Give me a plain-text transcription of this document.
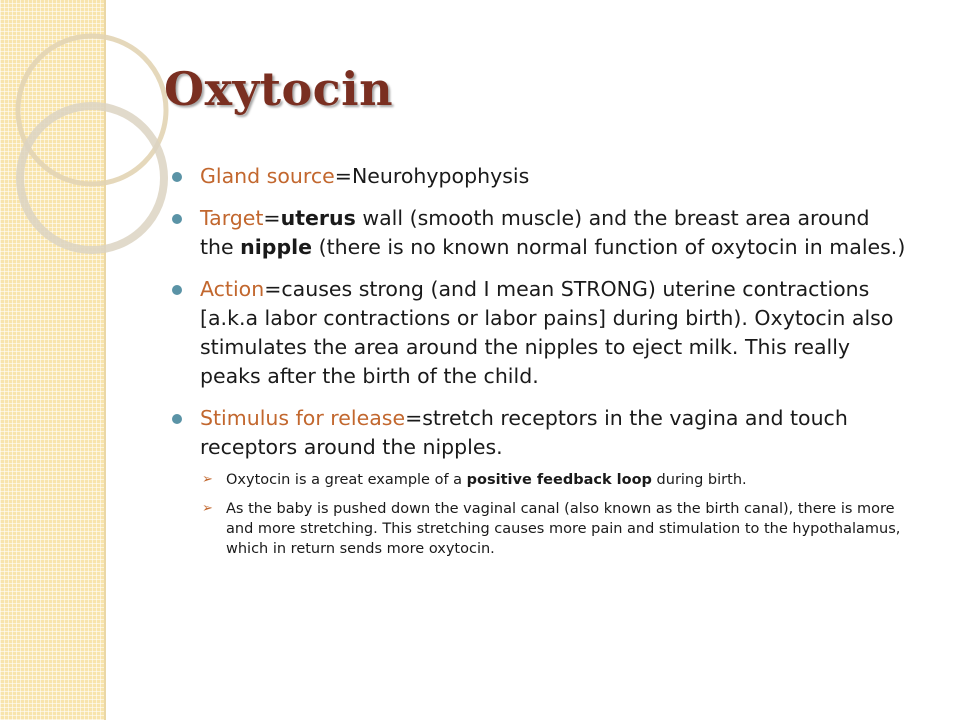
Oxytocin
Gland source=Neurohypophysis
Target=uterus wall (smooth muscle) and the breast area around the nipple (there is no known normal function of oxytocin in males.)
Action=causes strong (and I mean STRONG) uterine contractions [a.k.a labor contractions or labor pains] during birth). Oxytocin also stimulates the area around the nipples to eject milk. This really peaks after the birth of the child.
Stimulus for release=stretch receptors in the vagina and touch receptors around the nipples.
➢ Oxytocin is a great example of a positive feedback loop during birth.
➢ As the baby is pushed down the vaginal canal (also known as the birth canal), there is more and more stretching. This stretching causes more pain and stimulation to the hypothalamus, which in return sends more oxytocin.
